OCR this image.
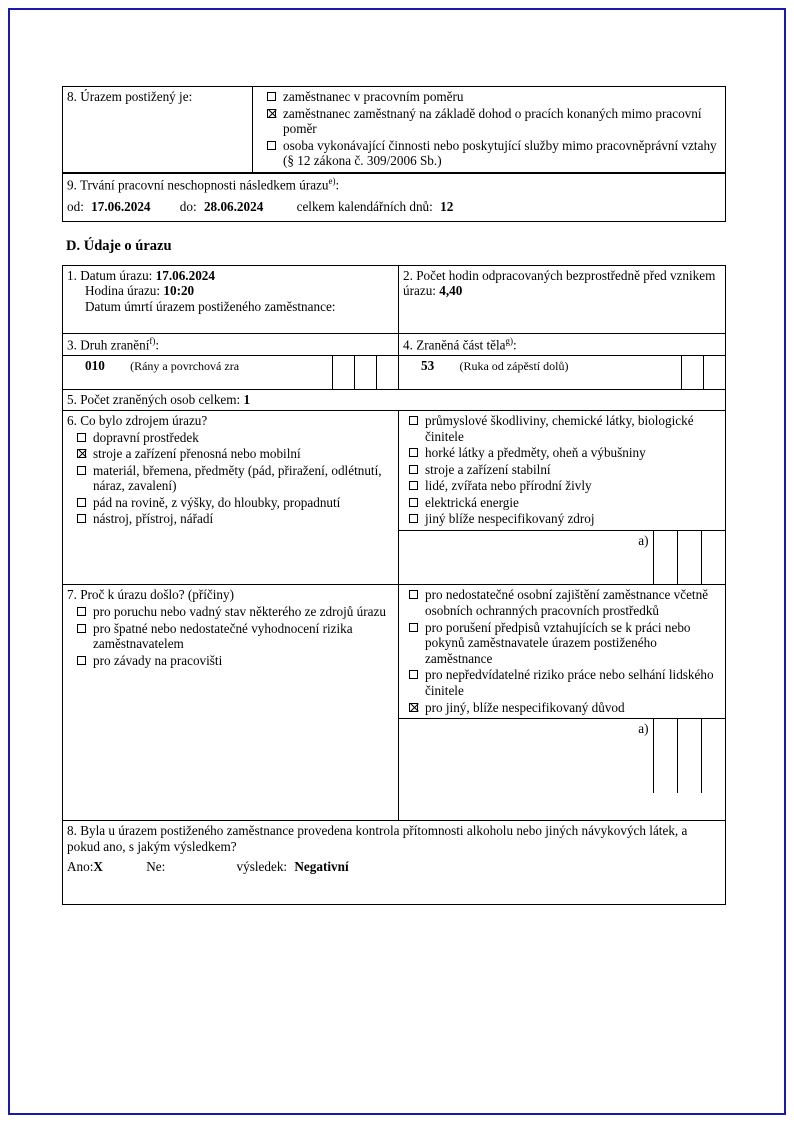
8. Úrazem postižený je:	zaměstnanec v pracovním poměru
zaměstnanec zaměstnaný na základě dohod o pracích konaných mimo pracovní poměr
osoba vykonávající činnosti nebo poskytující služby mimo pracovněprávní vztahy (§ 12 zákona č. 309/2006 Sb.)
9. Trvání pracovní neschopnosti následkem úrazu$^{e)}$:
od: 17.06.2024 do: 28.06.2024	celkem kalendářních dnů: 12
D. Údaje o úrazu
1. Datum úrazu: 17.06.2024
Hodina úrazu: 10:20
Datum úmrtí úrazem postiženého zaměstnance:
	2. Počet hodin odpracovaných bezprostředně před vznikem úrazu: 4,40

3. Druh zranění$^{f)}$:
010 (Rány a povrchová zra			

4. Zraněná část těla$^{g)}$:
53 (Ruka od zápěstí dolů)		

5. Počet zraněných osob celkem: 1

6. Co bylo zdrojem úrazu?
dopravní prostředek
stroje a zařízení přenosná nebo mobilní
materiál, břemena, předměty (pád, přiražení, odlétnutí, náraz, zavalení)
pád na rovině, z výšky, do hloubky, propadnutí
nástroj, přístroj, nářadí

průmyslové škodliviny, chemické látky, biologické činitele
horké látky a předměty, oheň a výbušniny
stroje a zařízení stabilní
lidé, zvířata nebo přírodní živly
elektrická energie
jiný blíže nespecifikovaný zdroj
a)			

7. Proč k úrazu došlo? (příčiny)
pro poruchu nebo vadný stav některého ze zdrojů úrazu
pro špatné nebo nedostatečné vyhodnocení rizika zaměstnavatelem
pro závady na pracovišti

pro nedostatečné osobní zajištění zaměstnance včetně osobních ochranných pracovních prostředků
pro porušení předpisů vztahujících se k práci nebo pokynů zaměstnavatele úrazem postiženého zaměstnance
pro nepředvídatelné riziko práce nebo selhání lidského činitele
pro jiný, blíže nespecifikovaný důvod
a)			

8. Byla u úrazem postiženého zaměstnance provedena kontrola přítomnosti alkoholu nebo jiných návykových látek, a pokud ano, s jakým výsledkem?
Ano:X	Ne:	výsledek: Negativní
